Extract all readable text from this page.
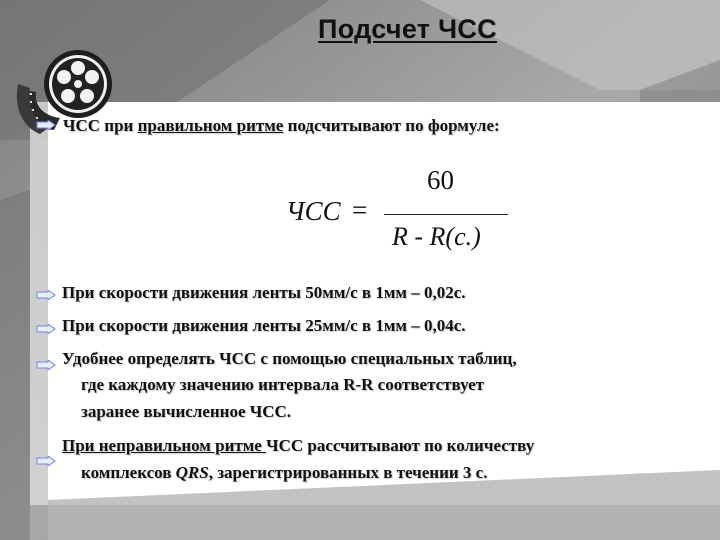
Подсчет ЧСС
ЧСС при правильном ритме подсчитывают по формуле:
ЧСС =
60
R - R(c.)
При скорости движения ленты 50мм/с в 1мм – 0,02с.
При скорости движения ленты 25мм/с в 1мм – 0,04с.
Удобнее определять ЧСС с помощью специальных таблиц,
где каждому значению интервала R-R соответствует
заранее вычисленное ЧСС.
При неправильном ритме ЧСС рассчитывают по количеству
комплексов QRS, зарегистрированных в течении 3 с.
